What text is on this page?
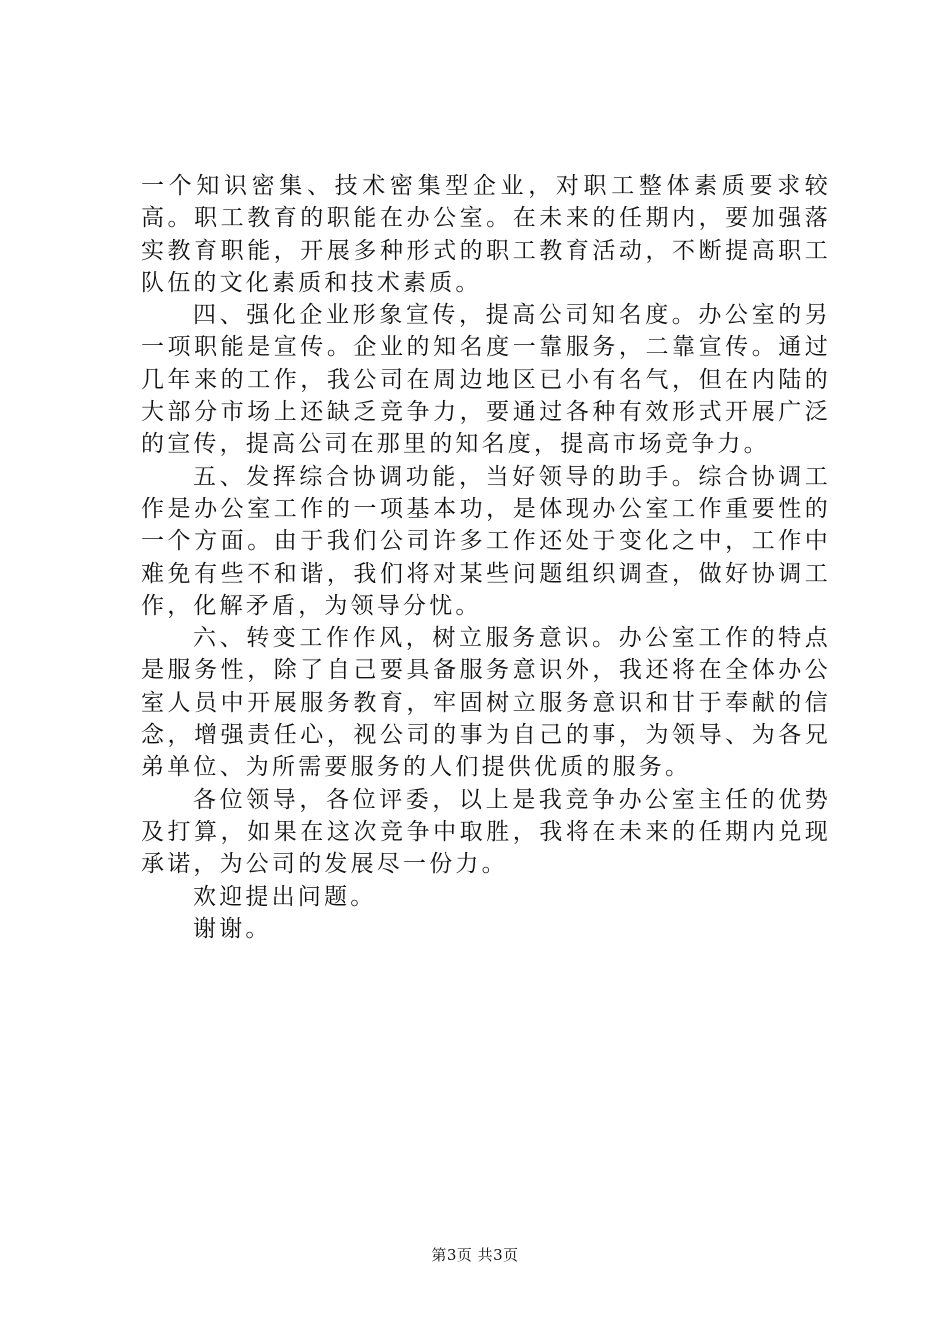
一个知识密集、技术密集型企业，对职工整体素质要求较高。职工教育的职能在办公室。在未来的任期内，要加强落实教育职能，开展多种形式的职工教育活动，不断提高职工队伍的文化素质和技术素质。

四、强化企业形象宣传，提高公司知名度。办公室的另一项职能是宣传。企业的知名度一靠服务，二靠宣传。通过几年来的工作，我公司在周边地区已小有名气，但在内陆的大部分市场上还缺乏竞争力，要通过各种有效形式开展广泛的宣传，提高公司在那里的知名度，提高市场竞争力。

五、发挥综合协调功能，当好领导的助手。综合协调工作是办公室工作的一项基本功，是体现办公室工作重要性的一个方面。由于我们公司许多工作还处于变化之中，工作中难免有些不和谐，我们将对某些问题组织调查，做好协调工作，化解矛盾，为领导分忧。

六、转变工作作风，树立服务意识。办公室工作的特点是服务性，除了自己要具备服务意识外，我还将在全体办公室人员中开展服务教育，牢固树立服务意识和甘于奉献的信念，增强责任心，视公司的事为自己的事，为领导、为各兄弟单位、为所需要服务的人们提供优质的服务。

各位领导，各位评委，以上是我竞争办公室主任的优势及打算，如果在这次竞争中取胜，我将在未来的任期内兑现承诺，为公司的发展尽一份力。

欢迎提出问题。

谢谢。

第3页 共3页
